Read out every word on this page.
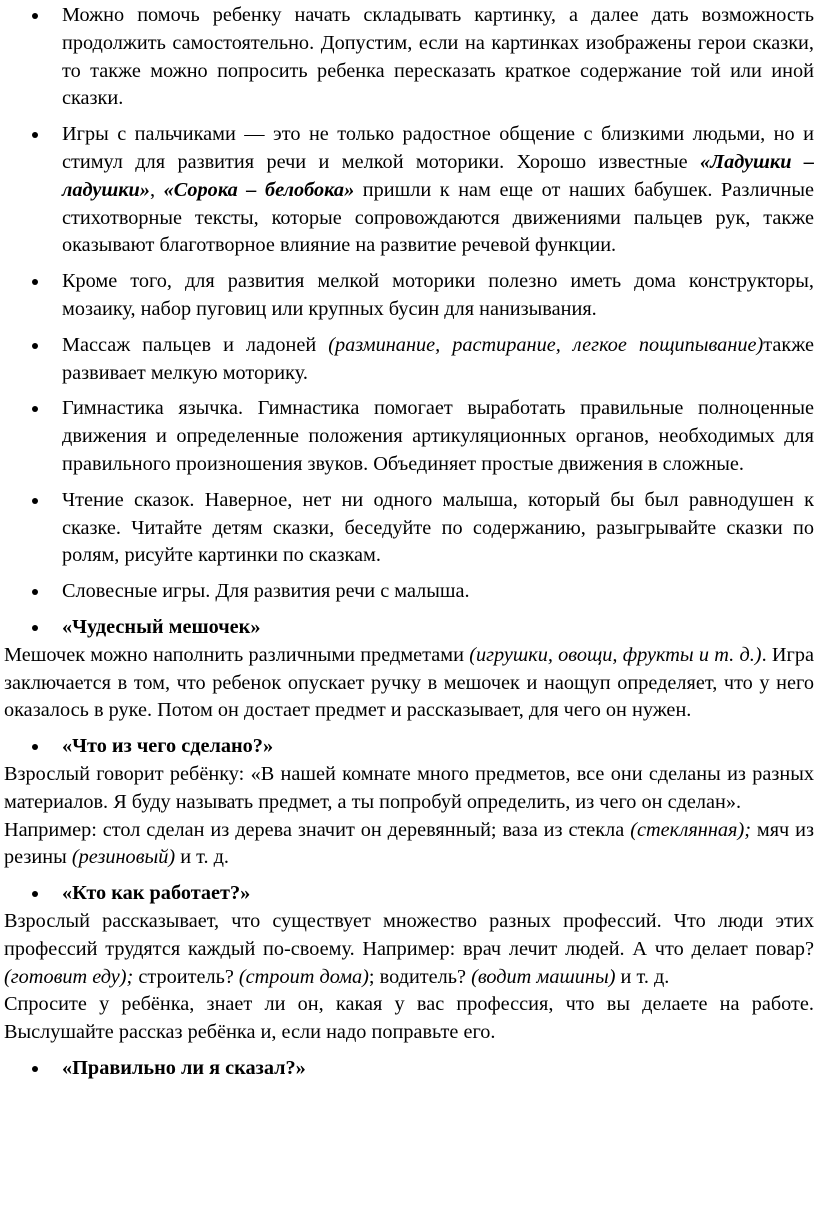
Можно помочь ребенку начать складывать картинку, а далее дать возможность продолжить самостоятельно. Допустим, если на картинках изображены герои сказки, то также можно попросить ребенка пересказать краткое содержание той или иной сказки.
Игры с пальчиками — это не только радостное общение с близкими людьми, но и стимул для развития речи и мелкой моторики. Хорошо известные «Ладушки – ладушки», «Сорока – белобока» пришли к нам еще от наших бабушек. Различные стихотворные тексты, которые сопровождаются движениями пальцев рук, также оказывают благотворное влияние на развитие речевой функции.
Кроме того, для развития мелкой моторики полезно иметь дома конструкторы, мозаику, набор пуговиц или крупных бусин для нанизывания.
Массаж пальцев и ладоней (разминание, растирание, легкое пощипывание)также развивает мелкую моторику.
Гимнастика язычка. Гимнастика помогает выработать правильные полноценные движения и определенные положения артикуляционных органов, необходимых для правильного произношения звуков. Объединяет простые движения в сложные.
Чтение сказок. Наверное, нет ни одного малыша, который бы был равнодушен к сказке. Читайте детям сказки, беседуйте по содержанию, разыгрывайте сказки по ролям, рисуйте картинки по сказкам.
Словесные игры. Для развития речи с малыша.
«Чудесный мешочек»
Мешочек можно наполнить различными предметами (игрушки, овощи, фрукты и т. д.). Игра заключается в том, что ребенок опускает ручку в мешочек и наощуп определяет, что у него оказалось в руке. Потом он достает предмет и рассказывает, для чего он нужен.
«Что из чего сделано?»
Взрослый говорит ребёнку: «В нашей комнате много предметов, все они сделаны из разных материалов. Я буду называть предмет, а ты попробуй определить, из чего он сделан».
Например: стол сделан из дерева значит он деревянный; ваза из стекла (стеклянная); мяч из резины (резиновый) и т. д.
«Кто как работает?»
Взрослый рассказывает, что существует множество разных профессий. Что люди этих профессий трудятся каждый по-своему. Например: врач лечит людей. А что делает повар? (готовит еду); строитель? (строит дома); водитель? (водит машины) и т. д.
Спросите у ребёнка, знает ли он, какая у вас профессия, что вы делаете на работе. Выслушайте рассказ ребёнка и, если надо поправьте его.
«Правильно ли я сказал?»
